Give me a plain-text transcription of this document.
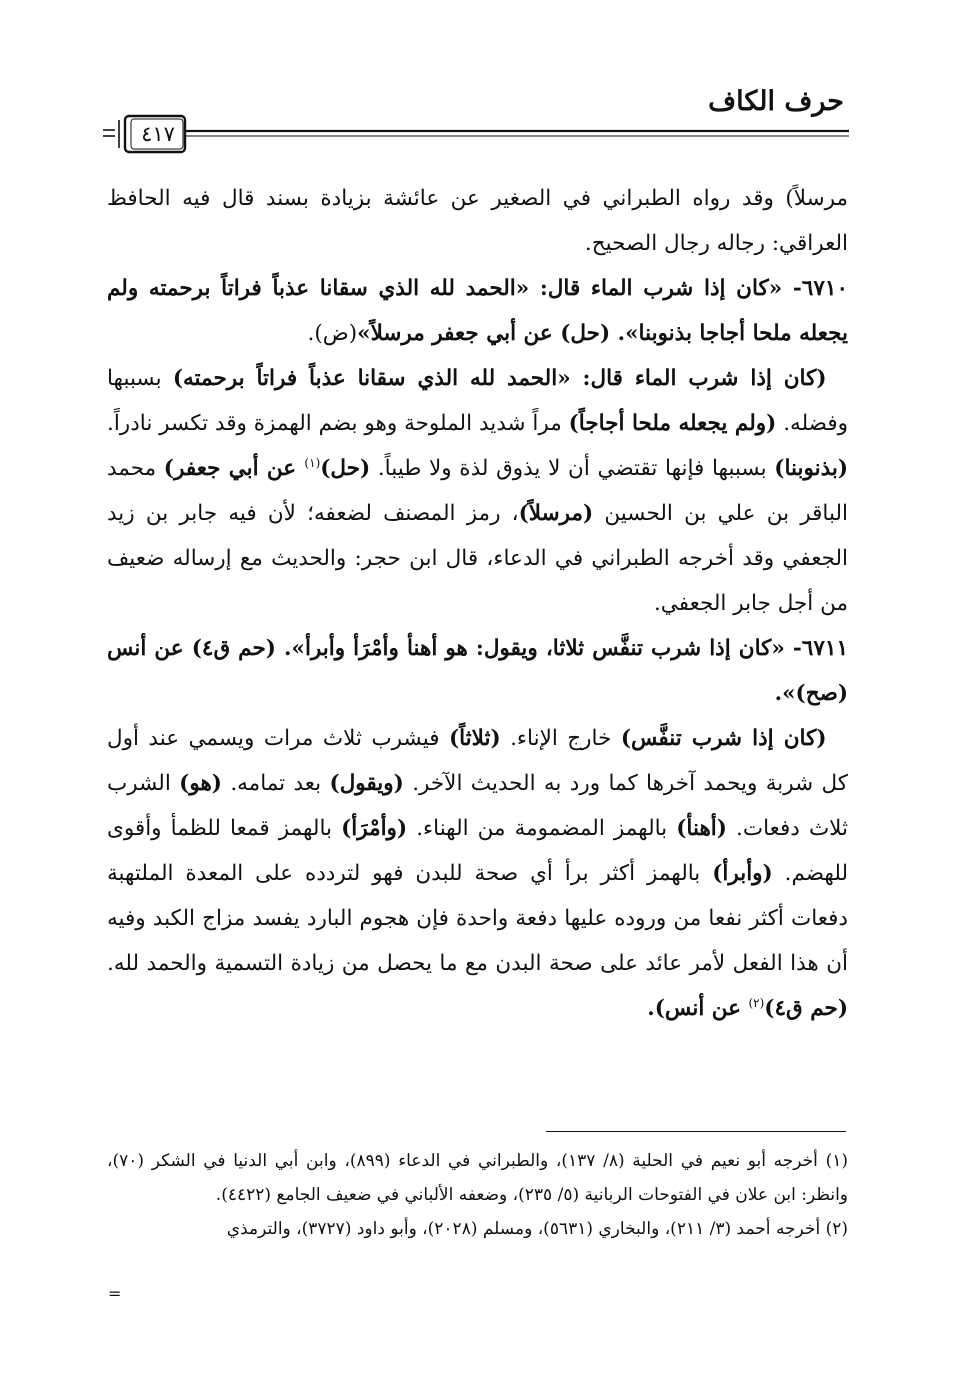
حرف الكاف
٤١٧

مرسلاً) وقد رواه الطبراني في الصغير عن عائشة بزيادة بسند قال فيه الحافظ العراقي: رجاله رجال الصحيح.

٦٧١٠- «كان إذا شرب الماء قال: «الحمد لله الذي سقانا عذباً فراتاً برحمته ولم يجعله ملحا أجاجا بذنوبنا». (حل) عن أبي جعفر مرسلاً»(ض).

 (كان إذا شرب الماء قال: «الحمد لله الذي سقانا عذباً فراتاً برحمته) بسببها وفضله. (ولم يجعله ملحا أجاجاً) مراً شديد الملوحة وهو بضم الهمزة وقد تكسر نادراً. (بذنوبنا) بسببها فإنها تقتضي أن لا يذوق لذة ولا طيباً. (حل)$^{(١)}$ عن أبي جعفر) محمد الباقر بن علي بن الحسين (مرسلاً)، رمز المصنف لضعفه؛ لأن فيه جابر بن زيد الجعفي وقد أخرجه الطبراني في الدعاء، قال ابن حجر: والحديث مع إرساله ضعيف من أجل جابر الجعفي.

٦٧١١- «كان إذا شرب تنفَّس ثلاثا، ويقول: هو أهنأ وأمْرَأ وأبرأ». (حم ق٤) عن أنس (صح)».

 (كان إذا شرب تنفَّس) خارج الإناء. (ثلاثاً) فيشرب ثلاث مرات ويسمي عند أول كل شربة ويحمد آخرها كما ورد به الحديث الآخر. (ويقول) بعد تمامه. (هو) الشرب ثلاث دفعات. (أهنأ) بالهمز المضمومة من الهناء. (وأمْرَأ) بالهمز قمعا للظمأ وأقوى للهضم. (وأبرأ) بالهمز أكثر برأ أي صحة للبدن فهو لتردده على المعدة الملتهبة دفعات أكثر نفعا من وروده عليها دفعة واحدة فإن هجوم البارد يفسد مزاج الكبد وفيه أن هذا الفعل لأمر عائد على صحة البدن مع ما يحصل من زيادة التسمية والحمد لله. (حم ق٤)$^{(٢)}$ عن أنس).

(١) أخرجه أبو نعيم في الحلية (٨/ ١٣٧)، والطبراني في الدعاء (٨٩٩)، وابن أبي الدنيا في الشكر (٧٠)، وانظر: ابن علان في الفتوحات الربانية (٥/ ٢٣٥)، وضعفه الألباني في ضعيف الجامع (٤٤٢٢).

(٢) أخرجه أحمد (٣/ ٢١١)، والبخاري (٥٦٣١)، ومسلم (٢٠٢٨)، وأبو داود (٣٧٢٧)، والترمذي

=
